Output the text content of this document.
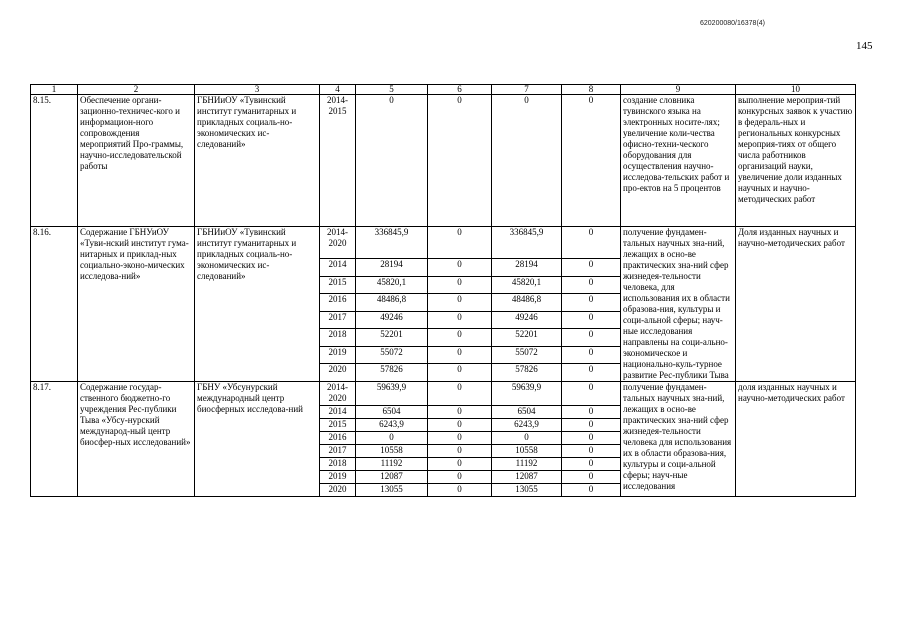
620200080/16378(4)
145
1	2	3	4	5	6	7	8	9	10
8.15.	Обеспечение органи-зационно-техничес-кого и информацион-ного сопровождения мероприятий Про-граммы, научно-исследовательской работы	ГБНИиОУ «Тувинский институт гуманитарных и прикладных социаль-но-экономических ис-следований»	2014-2015	0	0	0	0	создание словника тувинского языка на электронных носите-лях; увеличение коли-чества офисно-техни-ческого оборудования для осуществления научно-исследова-тельских работ и про-ектов на 5 процентов	выполнение мероприя-тий конкурсных заявок к участию в федераль-ных и региональных конкурсных мероприя-тиях от общего числа работников организаций науки, увеличение доли изданных научных и научно-методических работ
8.16.	Содержание ГБНУиОУ «Туви-нский институт гума-нитарных и приклад-ных социально-эконо-мических исследова-ний»	ГБНИиОУ «Тувинский институт гуманитарных и прикладных социаль-но-экономических ис-следований»	2014-2020	336845,9	0	336845,9	0	получение фундамен-тальных научных зна-ний, лежащих в осно-ве практических зна-ний сфер жизнедея-тельности человека, для использования их в области образова-ния, культуры и соци-альной сферы; науч-ные исследования направлены на соци-ально-экономическое и национально-куль-турное развитие Рес-публики Тыва	Доля изданных научных и научно-методических работ
			2014	28194	0	28194	0		
			2015	45820,1	0	45820,1	0		
			2016	48486,8	0	48486,8	0		
			2017	49246	0	49246	0		
			2018	52201	0	52201	0		
			2019	55072	0	55072	0		
			2020	57826	0	57826	0		
8.17.	Содержание государ-ственного бюджетно-го учреждения Рес-публики Тыва «Убсу-нурский международ-ный центр биосфер-ных исследований»	ГБНУ «Убсунурский международный центр биосферных исследова-ний	2014-2020	59639,9	0	59639,9	0	получение фундамен-тальных научных зна-ний, лежащих в осно-ве практических зна-ний сфер жизнедея-тельности человека для использования их в области образова-ния, культуры и соци-альной сферы; науч-ные исследования	доля изданных научных и научно-методических работ
			2014	6504	0	6504	0		
			2015	6243,9	0	6243,9	0		
			2016	0	0	0	0		
			2017	10558	0	10558	0		
			2018	11192	0	11192	0		
			2019	12087	0	12087	0		
			2020	13055	0	13055	0		
